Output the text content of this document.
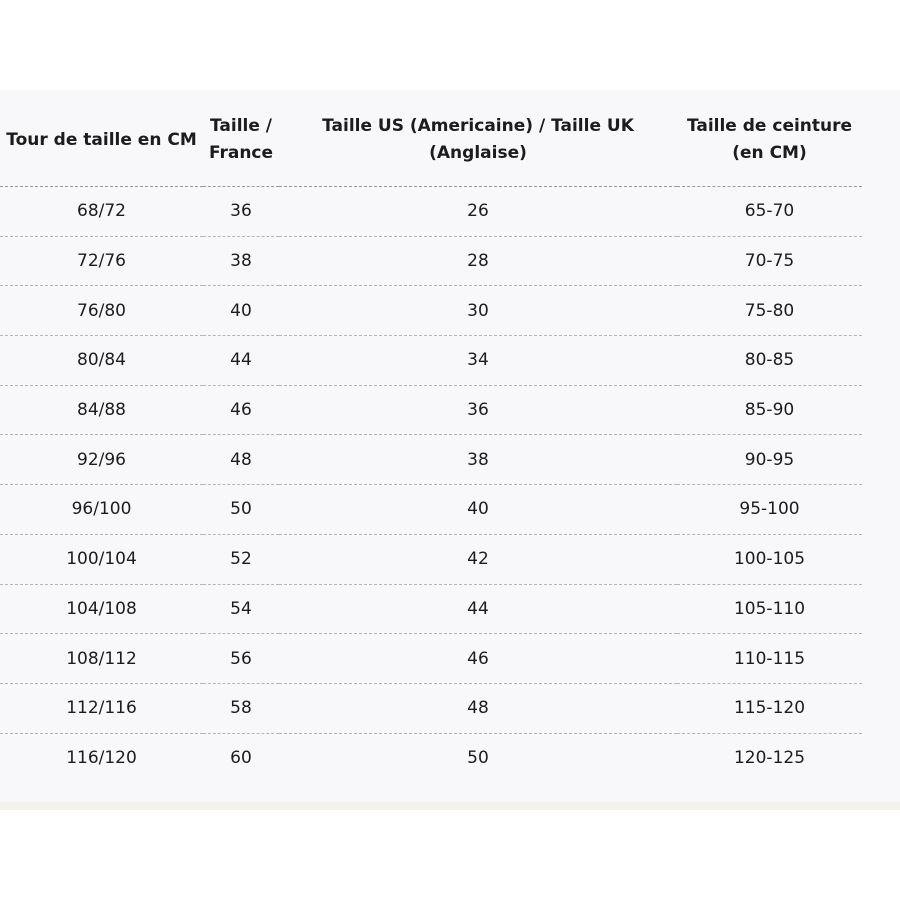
Tour de taille en CM	Taille / France	Taille US (Americaine) / Taille UK (Anglaise)	Taille de ceinture (en CM)
68/72	36	26	65-70
72/76	38	28	70-75
76/80	40	30	75-80
80/84	44	34	80-85
84/88	46	36	85-90
92/96	48	38	90-95
96/100	50	40	95-100
100/104	52	42	100-105
104/108	54	44	105-110
108/112	56	46	110-115
112/116	58	48	115-120
116/120	60	50	120-125
